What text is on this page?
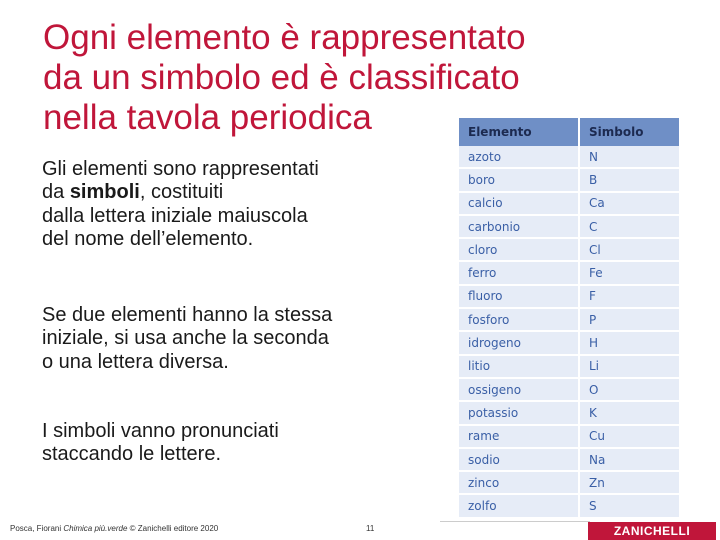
Ogni elemento è rappresentato
da un simbolo ed è classificato
nella tavola periodica
Gli elementi sono rappresentati
da simboli, costituiti
dalla lettera iniziale maiuscola
del nome dell’elemento.
Se due elementi hanno la stessa
iniziale, si usa anche la seconda
o una lettera diversa.
I simboli vanno pronunciati
staccando le lettere.
Elemento	Simbolo
azoto	N
boro	B
calcio	Ca
carbonio	C
cloro	Cl
ferro	Fe
fluoro	F
fosforo	P
idrogeno	H
litio	Li
ossigeno	O
potassio	K
rame	Cu
sodio	Na
zinco	Zn
zolfo	S
Posca, Fiorani Chimica più.verde © Zanichelli editore 2020	11	ZANICHELLI
